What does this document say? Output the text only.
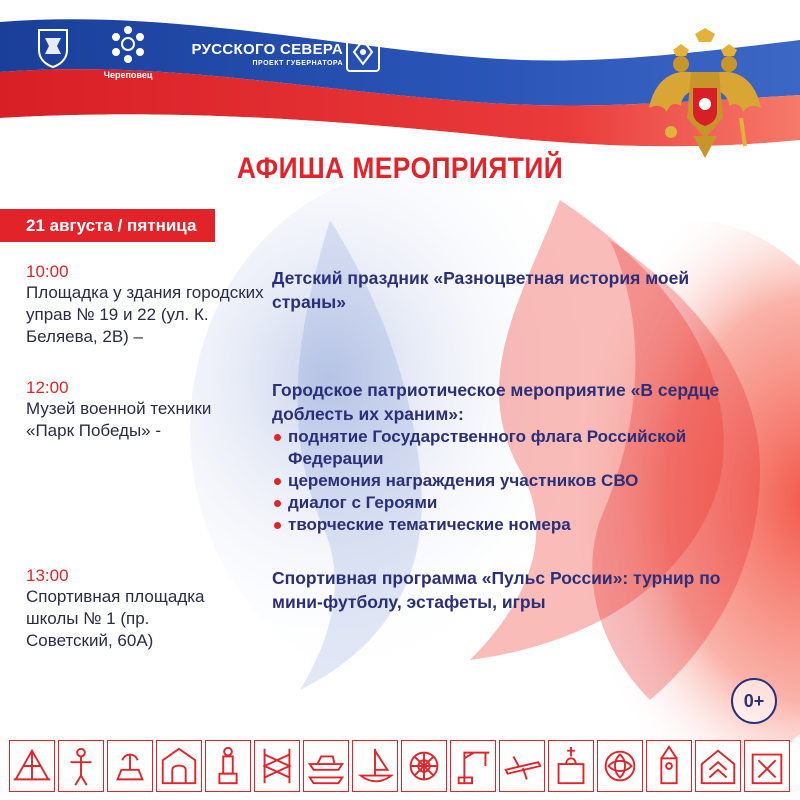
Череповец
ЛЕТО
РУССКОГО СЕВЕРА
ПРОЕКТ ГУБЕРНАТОРА
АФИША МЕРОПРИЯТИЙ
21 августа / пятница
10:00
Площадка у здания городских управ № 19 и 22 (ул. К. Беляева, 2В) –
Детский праздник «Разноцветная история моей страны»
12:00
Музей военной техники «Парк Победы» -
Городское патриотическое мероприятие «В сердце доблесть их храним»:
поднятие Государственного флага Российской Федерации
церемония награждения участников СВО
диалог с Героями
творческие тематические номера
13:00
Спортивная площадка школы № 1 (пр. Советский, 60А)
Спортивная программа «Пульс России»: турнир по мини-футболу, эстафеты, игры
0+
